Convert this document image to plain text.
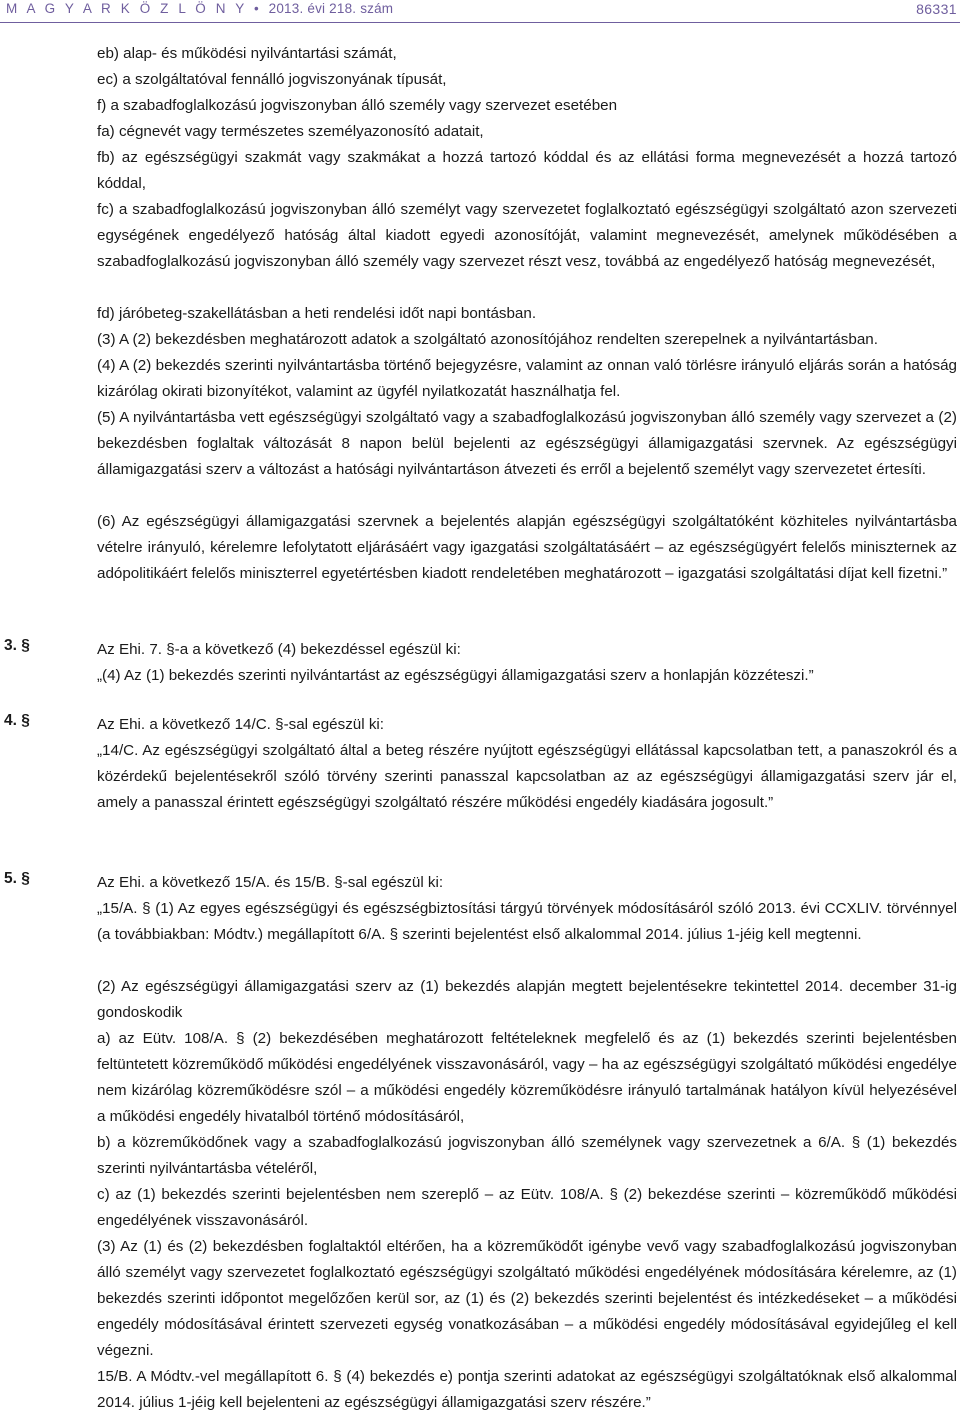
M A G Y A R K Ö Z L Ö N Y • 2013. évi 218. szám	86331
eb) alap- és működési nyilvántartási számát,
ec) a szolgáltatóval fennálló jogviszonyának típusát,
f) a szabadfoglalkozású jogviszonyban álló személy vagy szervezet esetében
fa) cégnevét vagy természetes személyazonosító adatait,
fb) az egészségügyi szakmát vagy szakmákat a hozzá tartozó kóddal és az ellátási forma megnevezését a hozzá tartozó kóddal,
fc) a szabadfoglalkozású jogviszonyban álló személyt vagy szervezetet foglalkoztató egészségügyi szolgáltató azon szervezeti egységének engedélyező hatóság által kiadott egyedi azonosítóját, valamint megnevezését, amelynek működésében a szabadfoglalkozású jogviszonyban álló személy vagy szervezet részt vesz, továbbá az engedélyező hatóság megnevezését,
fd) járóbeteg-szakellátásban a heti rendelési időt napi bontásban.
(3) A (2) bekezdésben meghatározott adatok a szolgáltató azonosítójához rendelten szerepelnek a nyilvántartásban.
(4) A (2) bekezdés szerinti nyilvántartásba történő bejegyzésre, valamint az onnan való törlésre irányuló eljárás során a hatóság kizárólag okirati bizonyítékot, valamint az ügyfél nyilatkozatát használhatja fel.
(5) A nyilvántartásba vett egészségügyi szolgáltató vagy a szabadfoglalkozású jogviszonyban álló személy vagy szervezet a (2) bekezdésben foglaltak változását 8 napon belül bejelenti az egészségügyi államigazgatási szervnek. Az egészségügyi államigazgatási szerv a változást a hatósági nyilvántartáson átvezeti és erről a bejelentő személyt vagy szervezetet értesíti.
(6) Az egészségügyi államigazgatási szervnek a bejelentés alapján egészségügyi szolgáltatóként közhiteles nyilvántartásba vételre irányuló, kérelemre lefolytatott eljárásáért vagy igazgatási szolgáltatásáért – az egészségügyért felelős miniszternek az adópolitikáért felelős miniszterrel egyetértésben kiadott rendeletében meghatározott – igazgatási szolgáltatási díjat kell fizetni.”
3. §	Az Ehi. 7. §-a a következő (4) bekezdéssel egészül ki:
„(4) Az (1) bekezdés szerinti nyilvántartást az egészségügyi államigazgatási szerv a honlapján közzéteszi.”
4. §	Az Ehi. a következő 14/C. §-sal egészül ki:
„14/C. Az egészségügyi szolgáltató által a beteg részére nyújtott egészségügyi ellátással kapcsolatban tett, a panaszokról és a közérdekű bejelentésekről szóló törvény szerinti panasszal kapcsolatban az az egészségügyi államigazgatási szerv jár el, amely a panasszal érintett egészségügyi szolgáltató részére működési engedély kiadására jogosult.”
5. §	Az Ehi. a következő 15/A. és 15/B. §-sal egészül ki:
„15/A. § (1) Az egyes egészségügyi és egészségbiztosítási tárgyú törvények módosításáról szóló 2013. évi CCXLIV. törvénnyel (a továbbiakban: Módtv.) megállapított 6/A. § szerinti bejelentést első alkalommal 2014. július 1-jéig kell megtenni.
(2) Az egészségügyi államigazgatási szerv az (1) bekezdés alapján megtett bejelentésekre tekintettel 2014. december 31-ig gondoskodik
a) az Eütv. 108/A. § (2) bekezdésében meghatározott feltételeknek megfelelő és az (1) bekezdés szerinti bejelentésben feltüntetett közreműködő működési engedélyének visszavonásáról, vagy – ha az egészségügyi szolgáltató működési engedélye nem kizárólag közreműködésre szól – a működési engedély közreműködésre irányuló tartalmának hatályon kívül helyezésével a működési engedély hivatalból történő módosításáról,
b) a közreműködőnek vagy a szabadfoglalkozású jogviszonyban álló személynek vagy szervezetnek a 6/A. § (1) bekezdés szerinti nyilvántartásba vételéről,
c) az (1) bekezdés szerinti bejelentésben nem szereplő – az Eütv. 108/A. § (2) bekezdése szerinti – közreműködő működési engedélyének visszavonásáról.
(3) Az (1) és (2) bekezdésben foglaltaktól eltérően, ha a közreműködőt igénybe vevő vagy szabadfoglalkozású jogviszonyban álló személyt vagy szervezetet foglalkoztató egészségügyi szolgáltató működési engedélyének módosítására kérelemre, az (1) bekezdés szerinti időpontot megelőzően kerül sor, az (1) és (2) bekezdés szerinti bejelentést és intézkedéseket – a működési engedély módosításával érintett szervezeti egység vonatkozásában – a működési engedély módosításával egyidejűleg el kell végezni.
15/B. A Módtv.-vel megállapított 6. § (4) bekezdés e) pontja szerinti adatokat az egészségügyi szolgáltatóknak első alkalommal 2014. július 1-jéig kell bejelenteni az egészségügyi államigazgatási szerv részére.”
